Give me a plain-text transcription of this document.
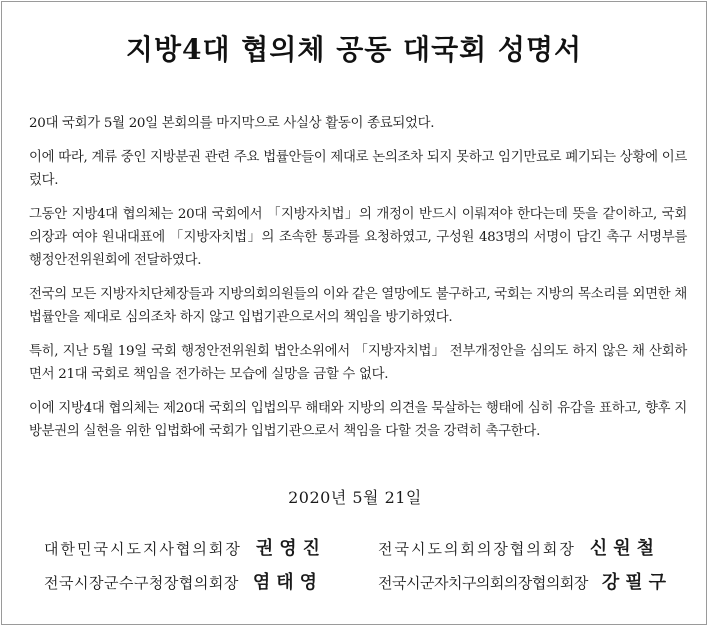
지방4대 협의체 공동 대국회 성명서

20대 국회가 5월 20일 본회의를 마지막으로 사실상 활동이 종료되었다.

이에 따라, 계류 중인 지방분권 관련 주요 법률안들이 제대로 논의조차 되지 못하고 임기만료로 폐기되는 상황에 이르렀다.

그동안 지방4대 협의체는 20대 국회에서 「지방자치법」의 개정이 반드시 이뤄져야 한다는데 뜻을 같이하고, 국회의장과 여야 원내대표에 「지방자치법」의 조속한 통과를 요청하였고, 구성원 483명의 서명이 담긴 촉구 서명부를 행정안전위원회에 전달하였다.

전국의 모든 지방자치단체장들과 지방의회의원들의 이와 같은 열망에도 불구하고, 국회는 지방의 목소리를 외면한 채 법률안을 제대로 심의조차 하지 않고 입법기관으로서의 책임을 방기하였다.

특히, 지난 5월 19일 국회 행정안전위원회 법안소위에서 「지방자치법」 전부개정안을 심의도 하지 않은 채 산회하면서 21대 국회로 책임을 전가하는 모습에 실망을 금할 수 없다.

이에 지방4대 협의체는 제20대 국회의 입법의무 해태와 지방의 의견을 묵살하는 행태에 심히 유감을 표하고, 향후 지방분권의 실현을 위한 입법화에 국회가 입법기관으로서 책임을 다할 것을 강력히 촉구한다.

2020년 5월 21일
대한민국시도지사협의회장 권영진	전국시도의회의장협의회장 신원철
전국시장군수구청장협의회장 염태영	전국시군자치구의회의장협의회장 강필구
